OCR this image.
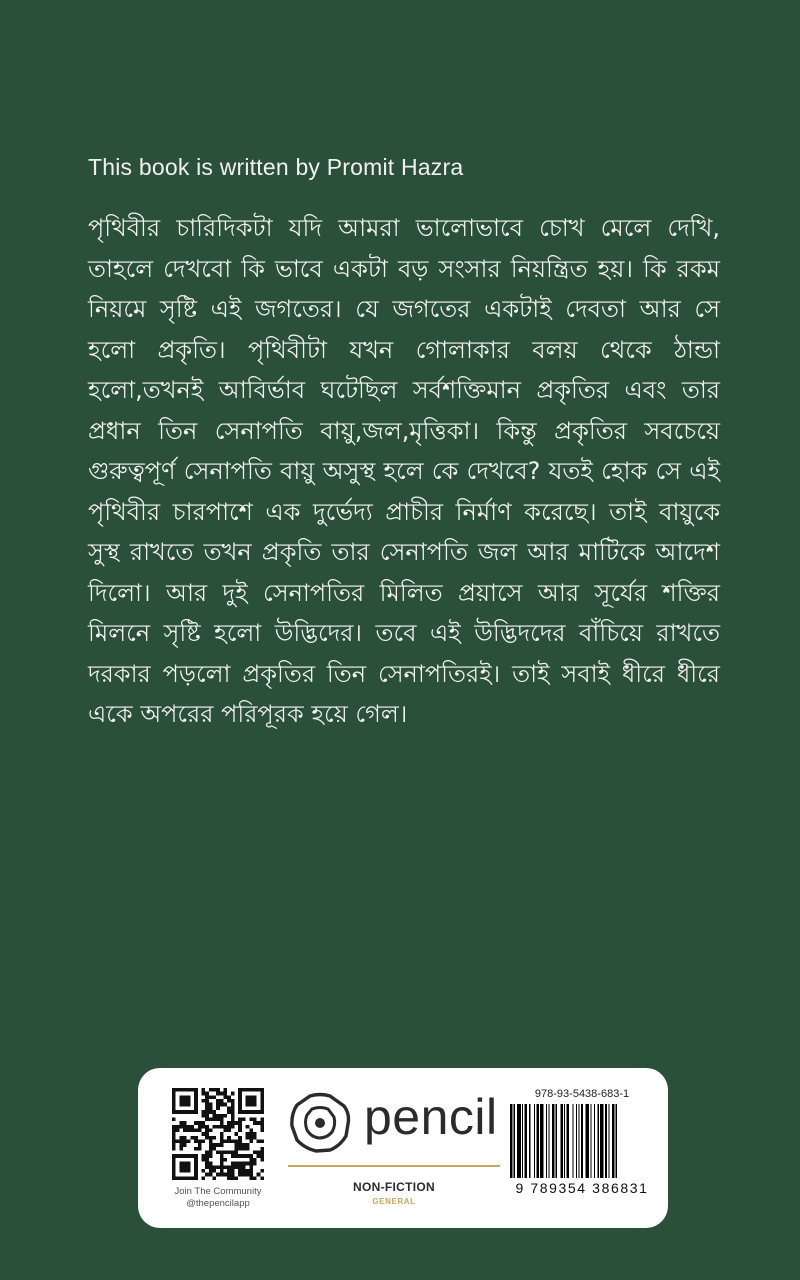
This book is written by Promit Hazra

পৃথিবীর চারিদিকটা যদি আমরা ভালোভাবে চোখ মেলে দেখি, তাহলে দেখবো কি ভাবে একটা বড় সংসার নিয়ন্ত্রিত হয়। কি রকম নিয়মে সৃষ্টি এই জগতের। যে জগতের একটাই দেবতা আর সে হলো প্রকৃতি। পৃথিবীটা যখন গোলাকার বলয় থেকে ঠান্ডা হলো,তখনই আবির্ভাব ঘটেছিল সর্বশক্তিমান প্রকৃতির এবং তার প্রধান তিন সেনাপতি বায়ু,জল,মৃত্তিকা। কিন্তু প্রকৃতির সবচেয়ে গুরুত্বপূর্ণ সেনাপতি বায়ু অসুস্থ হলে কে দেখবে? যতই হোক সে এই পৃথিবীর চারপাশে এক দুর্ভেদ্য প্রাচীর নির্মাণ করেছে। তাই বায়ুকে সুস্থ রাখতে তখন প্রকৃতি তার সেনাপতি জল আর মাটিকে আদেশ দিলো। আর দুই সেনাপতির মিলিত প্রয়াসে আর সূর্যের শক্তির মিলনে সৃষ্টি হলো উদ্ভিদের। তবে এই উদ্ভিদদের বাঁচিয়ে রাখতে দরকার পড়লো প্রকৃতির তিন সেনাপতিরই। তাই সবাই ধীরে ধীরে একে অপরের পরিপূরক হয়ে গেল।

Join The Community
@thepencilapp
pencil
NON-FICTION
GENERAL
978-93-5438-683-1
9 789354 386831
